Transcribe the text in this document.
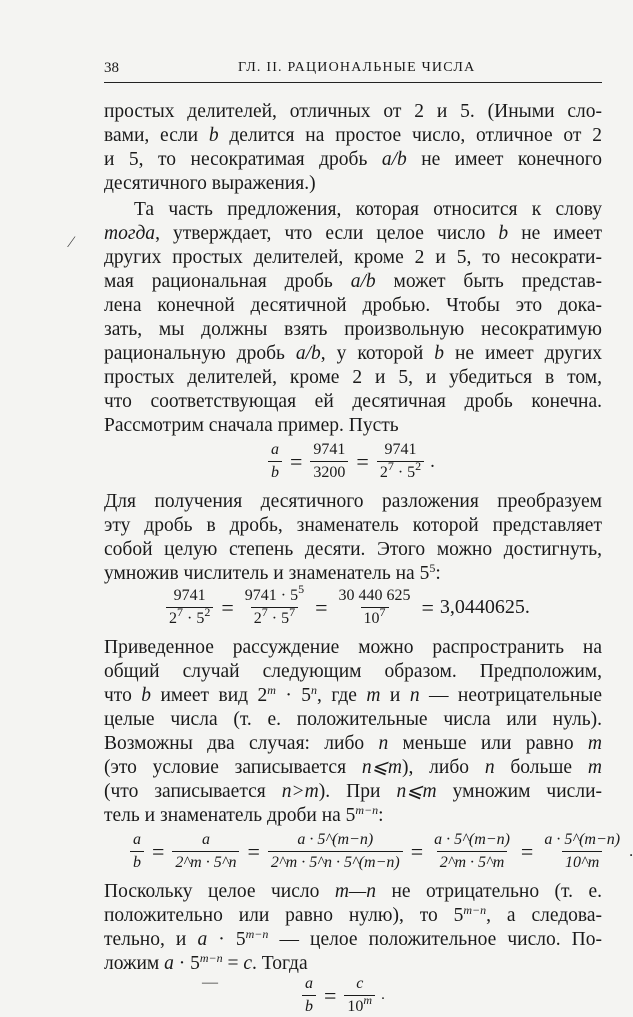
38	ГЛ. II. РАЦИОНАЛЬНЫЕ ЧИСЛА
простых делителей, отличных от 2 и 5. (Иными сло-
вами, если b делится на простое число, отличное от 2
и 5, то несократимая дробь a/b не имеет конечного
десятичного выражения.)
Та часть предложения, которая относится к слову
тогда, утверждает, что если целое число b не имеет
других простых делителей, кроме 2 и 5, то несократи-
мая рациональная дробь a/b может быть представ-
лена конечной десятичной дробью. Чтобы это дока-
зать, мы должны взять произвольную несократимую
рациональную дробь a/b, у которой b не имеет других
простых делителей, кроме 2 и 5, и убедиться в том,
что соответствующая ей десятичная дробь конечна.
Рассмотрим сначала пример. Пусть
$\frac{a}{b} = \frac{9741}{3200} = \frac{9741}{2^7 \cdot 5^2}$ .
Для получения десятичного разложения преобразуем
эту дробь в дробь, знаменатель которой представляет
собой целую степень десяти. Этого можно достигнуть,
умножив числитель и знаменатель на $5^5$:
$\frac{9741}{2^7 \cdot 5^2} = \frac{9741 \cdot 5^5}{2^7 \cdot 5^7} = \frac{30 440 625}{10^7} = 3,0440625$.
Приведенное рассуждение можно распространить на
общий случай следующим образом. Предположим,
что b имеет вид $2^m \cdot 5^n$, где m и n — неотрицательные
целые числа (т. е. положительные числа или нуль).
Возможны два случая: либо n меньше или равно m
(это условие записывается n⩽m), либо n больше m
(что записывается n>m). При n⩽m умножим числи-
тель и знаменатель дроби на $5^{m-n}$:
$\frac{a}{b} = \frac{a}{2\^{}m \cdot 5\^{}n} = \frac{a \cdot 5\^{}(m-n)}{2\^{}m \cdot 5\^{}n \cdot 5\^{}(m-n)} = \frac{a \cdot 5\^{}(m-n)}{2\^{}m \cdot 5\^{}m} = \frac{a \cdot 5\^{}(m-n)}{10\^{}m}$ .
Поскольку целое число m—n не отрицательно (т. е.
положительно или равно нулю), то $5^{m-n}$, а следова-
тельно, и $a \cdot 5^{m-n}$ — целое положительное число. По-
ложим $a \cdot 5^{m-n} = c$. Тогда
$\frac{a}{b} = \frac{c}{10^m}$ .
⁄
—
